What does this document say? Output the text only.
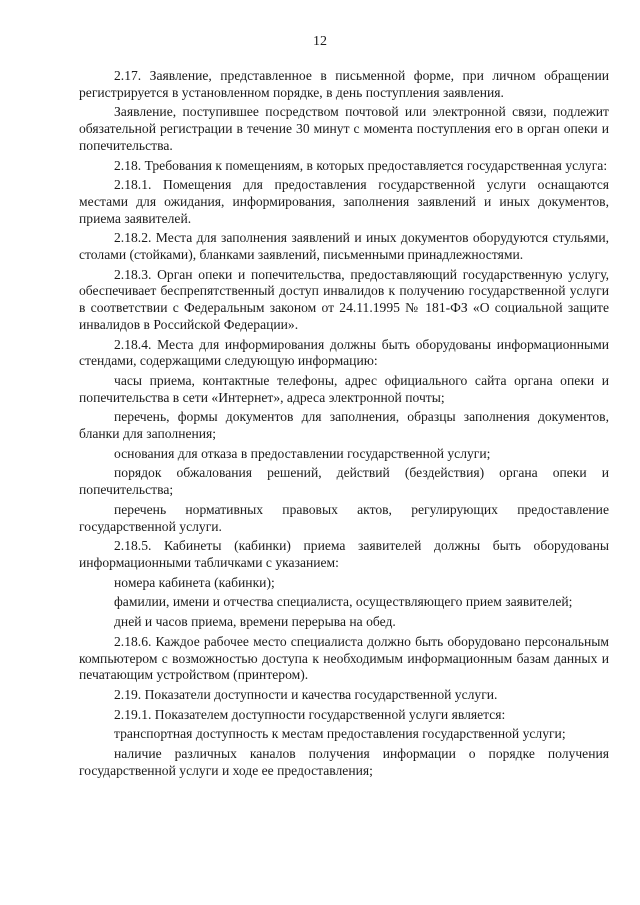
12

2.17. Заявление, представленное в письменной форме, при личном обращении регистрируется в установленном порядке, в день поступления заявления.

Заявление, поступившее посредством почтовой или электронной связи, подлежит обязательной регистрации в течение 30 минут с момента поступления его в орган опеки и попечительства.

2.18. Требования к помещениям, в которых предоставляется государственная услуга:

2.18.1. Помещения для предоставления государственной услуги оснащаются местами для ожидания, информирования, заполнения заявлений и иных документов, приема заявителей.

2.18.2. Места для заполнения заявлений и иных документов оборудуются стульями, столами (стойками), бланками заявлений, письменными принадлежностями.

2.18.3. Орган опеки и попечительства, предоставляющий государственную услугу, обеспечивает беспрепятственный доступ инвалидов к получению государственной услуги в соответствии с Федеральным законом от 24.11.1995 № 181-ФЗ «О социальной защите инвалидов в Российской Федерации».

2.18.4. Места для информирования должны быть оборудованы информационными стендами, содержащими следующую информацию:

часы приема, контактные телефоны, адрес официального сайта органа опеки и попечительства в сети «Интернет», адреса электронной почты;

перечень, формы документов для заполнения, образцы заполнения документов, бланки для заполнения;

основания для отказа в предоставлении государственной услуги;

порядок обжалования решений, действий (бездействия) органа опеки и попечительства;

перечень нормативных правовых актов, регулирующих предоставление государственной услуги.

2.18.5. Кабинеты (кабинки) приема заявителей должны быть оборудованы информационными табличками с указанием:

номера кабинета (кабинки);

фамилии, имени и отчества специалиста, осуществляющего прием заявителей;

дней и часов приема, времени перерыва на обед.

2.18.6. Каждое рабочее место специалиста должно быть оборудовано персональным компьютером с возможностью доступа к необходимым информационным базам данных и печатающим устройством (принтером).

2.19. Показатели доступности и качества государственной услуги.

2.19.1. Показателем доступности государственной услуги является:

транспортная доступность к местам предоставления государственной услуги;

наличие различных каналов получения информации о порядке получения государственной услуги и ходе ее предоставления;
